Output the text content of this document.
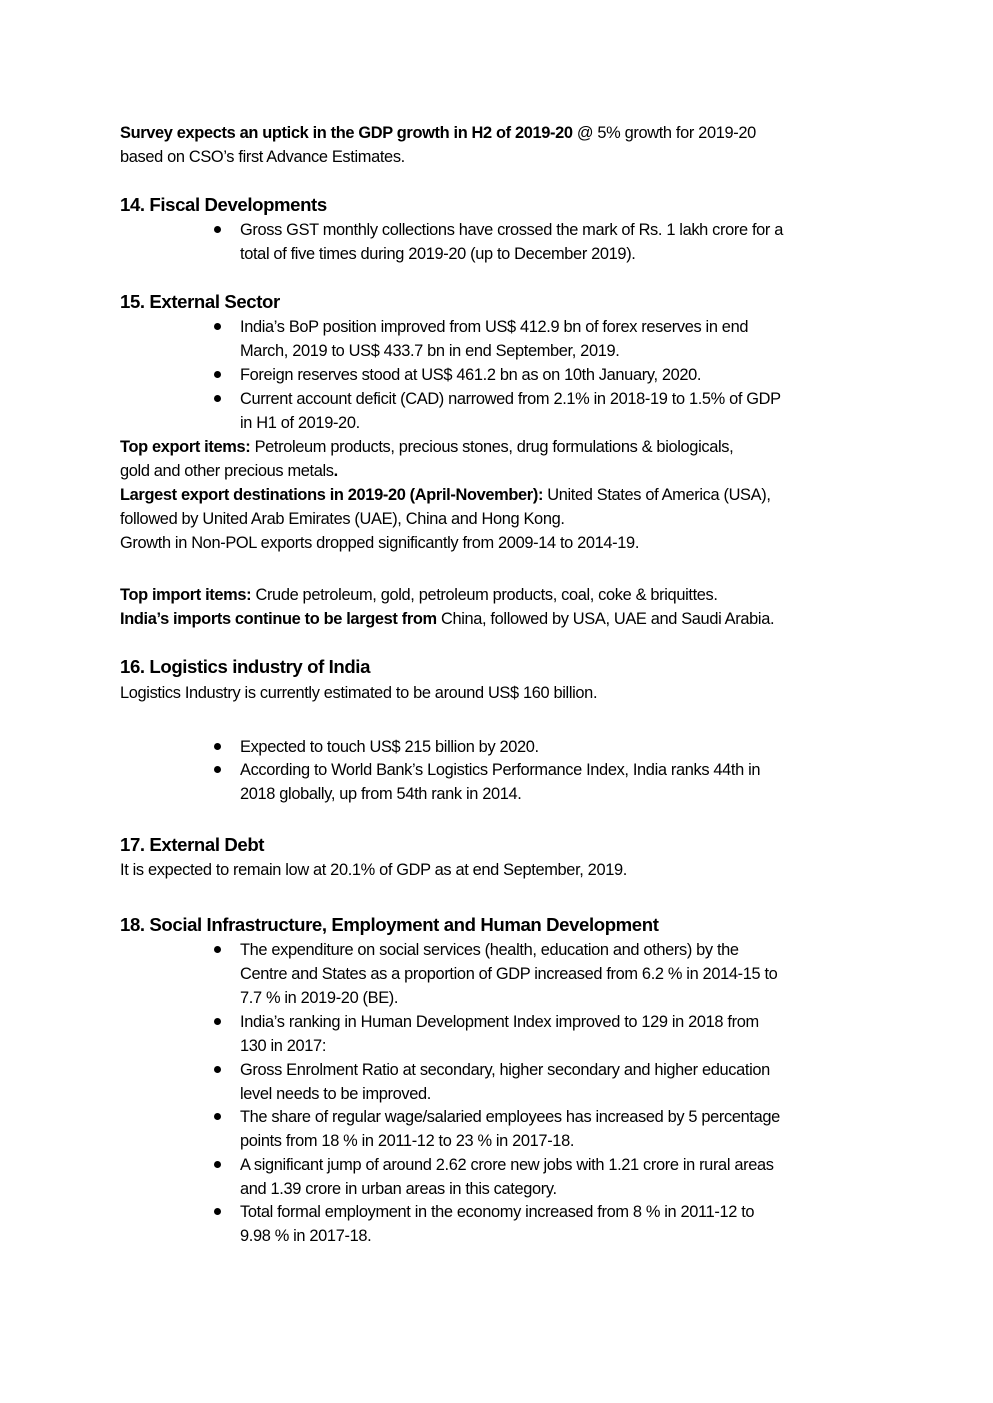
Survey expects an uptick in the GDP growth in H2 of 2019-20 @ 5% growth for 2019-20
based on CSO’s first Advance Estimates.
14. Fiscal Developments
Gross GST monthly collections have crossed the mark of Rs. 1 lakh crore for a
total of five times during 2019-20 (up to December 2019).
15. External Sector
India’s BoP position improved from US$ 412.9 bn of forex reserves in end
March, 2019 to US$ 433.7 bn in end September, 2019.
Foreign reserves stood at US$ 461.2 bn as on 10th January, 2020.
Current account deficit (CAD) narrowed from 2.1% in 2018-19 to 1.5% of GDP
in H1 of 2019-20.
Top export items: Petroleum products, precious stones, drug formulations & biologicals,
gold and other precious metals.
Largest export destinations in 2019-20 (April-November): United States of America (USA),
followed by United Arab Emirates (UAE), China and Hong Kong.
Growth in Non-POL exports dropped significantly from 2009-14 to 2014-19.
Top import items: Crude petroleum, gold, petroleum products, coal, coke & briquittes.
India’s imports continue to be largest from China, followed by USA, UAE and Saudi Arabia.
16. Logistics industry of India
Logistics Industry is currently estimated to be around US$ 160 billion.
Expected to touch US$ 215 billion by 2020.
According to World Bank’s Logistics Performance Index, India ranks 44th in
2018 globally, up from 54th rank in 2014.
17. External Debt
It is expected to remain low at 20.1% of GDP as at end September, 2019.
18. Social Infrastructure, Employment and Human Development
The expenditure on social services (health, education and others) by the
Centre and States as a proportion of GDP increased from 6.2 % in 2014-15 to
7.7 % in 2019-20 (BE).
India’s ranking in Human Development Index improved to 129 in 2018 from
130 in 2017:
Gross Enrolment Ratio at secondary, higher secondary and higher education
level needs to be improved.
The share of regular wage/salaried employees has increased by 5 percentage
points from 18 % in 2011-12 to 23 % in 2017-18.
A significant jump of around 2.62 crore new jobs with 1.21 crore in rural areas
and 1.39 crore in urban areas in this category.
Total formal employment in the economy increased from 8 % in 2011-12 to
9.98 % in 2017-18.
